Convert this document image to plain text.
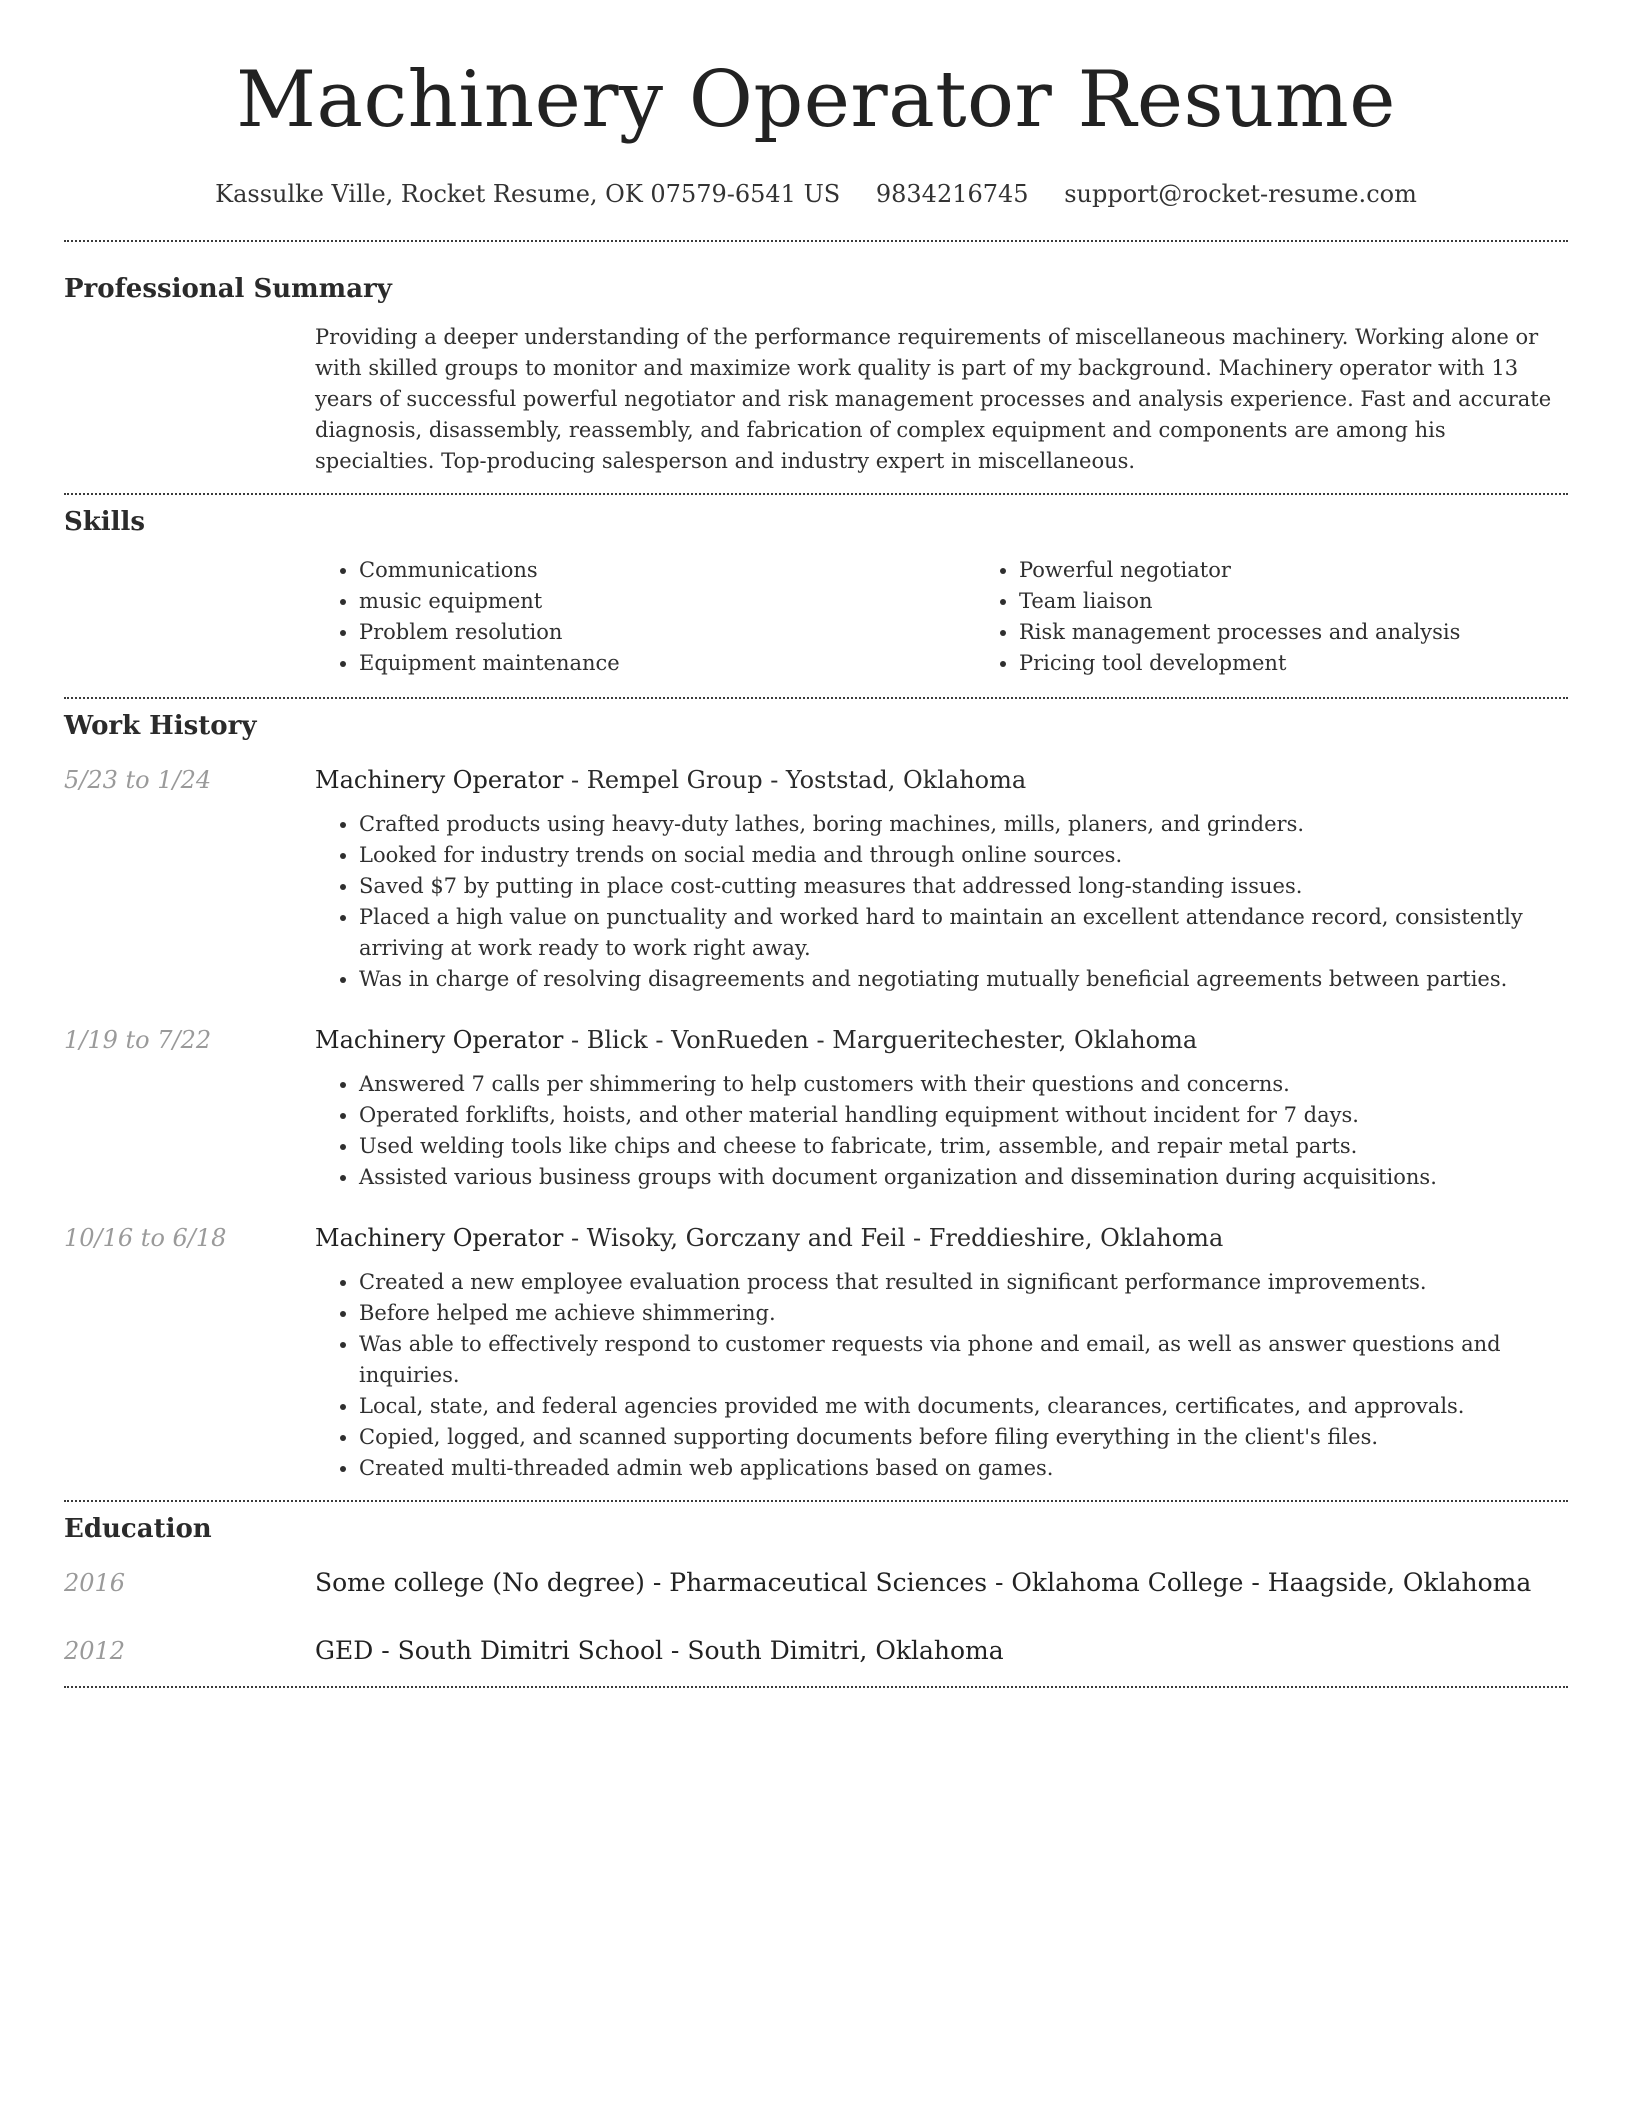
Machinery Operator Resume
Kassulke Ville, Rocket Resume, OK 07579-6541 US 9834216745 support@rocket-resume.com
Professional Summary

Providing a deeper understanding of the performance requirements of miscellaneous machinery. Working alone or with skilled groups to monitor and maximize work quality is part of my background. Machinery operator with 13 years of successful powerful negotiator and risk management processes and analysis experience. Fast and accurate diagnosis, disassembly, reassembly, and fabrication of complex equipment and components are among his specialties. Top-producing salesperson and industry expert in miscellaneous.

Skills
• Communications
• music equipment
• Problem resolution
• Equipment maintenance
• Powerful negotiator
• Team liaison
• Risk management processes and analysis
• Pricing tool development
Work History
5/23 to 1/24	Machinery Operator - Rempel Group - Yoststad, Oklahoma
• Crafted products using heavy-duty lathes, boring machines, mills, planers, and grinders.
• Looked for industry trends on social media and through online sources.
• Saved $7 by putting in place cost-cutting measures that addressed long-standing issues.
• Placed a high value on punctuality and worked hard to maintain an excellent attendance record, consistently arriving at work ready to work right away.
• Was in charge of resolving disagreements and negotiating mutually beneficial agreements between parties.
1/19 to 7/22	Machinery Operator - Blick - VonRueden - Margueritechester, Oklahoma
• Answered 7 calls per shimmering to help customers with their questions and concerns.
• Operated forklifts, hoists, and other material handling equipment without incident for 7 days.
• Used welding tools like chips and cheese to fabricate, trim, assemble, and repair metal parts.
• Assisted various business groups with document organization and dissemination during acquisitions.
10/16 to 6/18	Machinery Operator - Wisoky, Gorczany and Feil - Freddieshire, Oklahoma
• Created a new employee evaluation process that resulted in significant performance improvements.
• Before helped me achieve shimmering.
• Was able to effectively respond to customer requests via phone and email, as well as answer questions and inquiries.
• Local, state, and federal agencies provided me with documents, clearances, certificates, and approvals.
• Copied, logged, and scanned supporting documents before filing everything in the client's files.
• Created multi-threaded admin web applications based on games.
Education
2016	Some college (No degree) - Pharmaceutical Sciences - Oklahoma College - Haagside, Oklahoma
2012	GED - South Dimitri School - South Dimitri, Oklahoma
